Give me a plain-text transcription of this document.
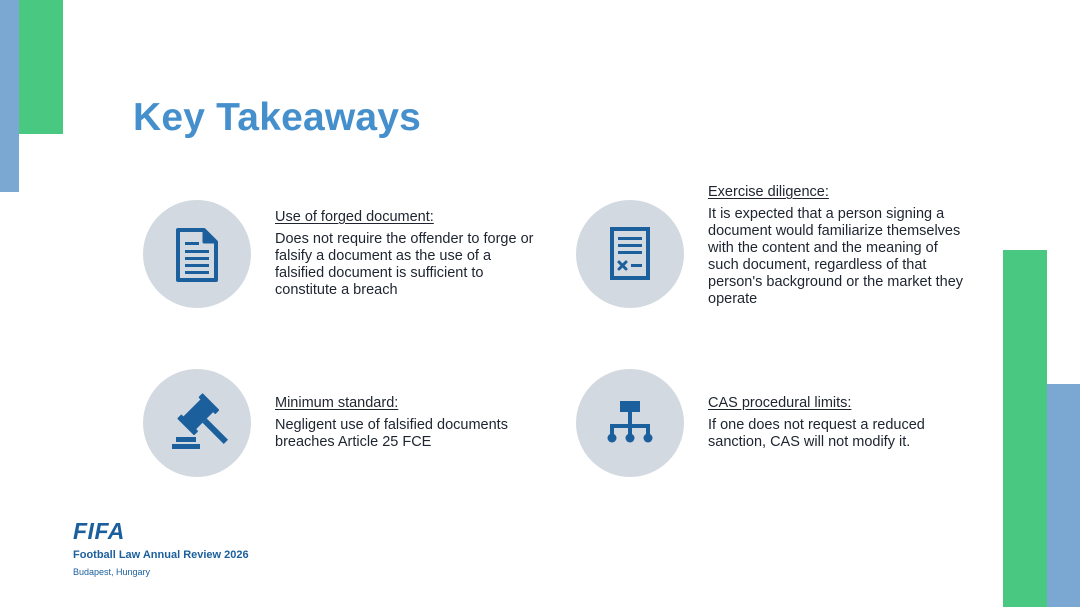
Key Takeaways
Use of forged document:
Does not require the offender to forge or falsify a document as the use of a falsified document is sufficient to constitute a breach
Exercise diligence:
It is expected that a person signing a document would familiarize themselves with the content and the meaning of such document, regardless of that person's background or the market they operate
Minimum standard:
Negligent use of falsified documents breaches Article 25 FCE
CAS procedural limits:
If one does not request a reduced sanction, CAS will not modify it.
FIFA
Football Law Annual Review 2026
Budapest, Hungary
